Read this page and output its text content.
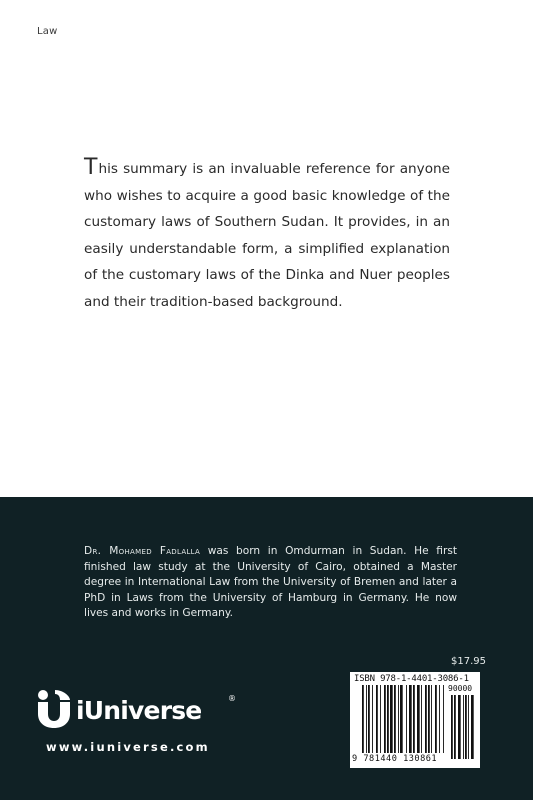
Law

This summary is an invaluable reference for anyone who wishes to acquire a good basic knowledge of the customary laws of Southern Sudan. It provides, in an easily understandable form, a simplified explanation of the customary laws of the Dinka and Nuer peoples and their tradition-based background.

Dr. Mohamed Fadlalla was born in Omdurman in Sudan. He first finished law study at the University of Cairo, obtained a Master degree in International Law from the University of Bremen and later a PhD in Laws from the University of Hamburg in Germany. He now lives and works in Germany.

$17.95
ISBN 978-1-4401-3086-1
90000
9 781440 130861
iUniverse	®
www.iuniverse.com
